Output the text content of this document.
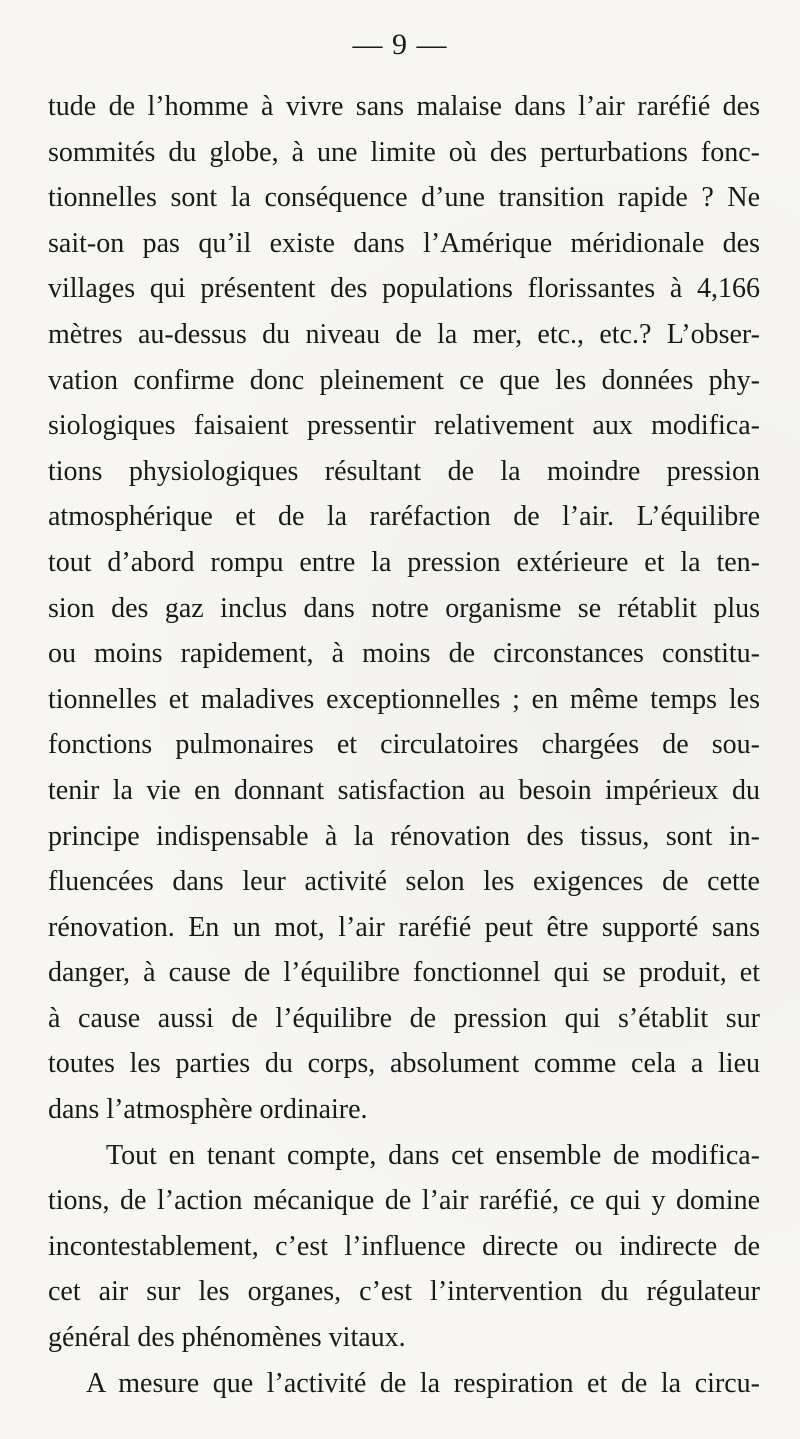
— 9 —
tude de l’homme à vivre sans malaise dans l’air raréfié des
sommités du globe, à une limite où des perturbations fonc-
tionnelles sont la conséquence d’une transition rapide ? Ne
sait-on pas qu’il existe dans l’Amérique méridionale des
villages qui présentent des populations florissantes à 4,166
mètres au-dessus du niveau de la mer, etc., etc.? L’obser-
vation confirme donc pleinement ce que les données phy-
siologiques faisaient pressentir relativement aux modifica-
tions physiologiques résultant de la moindre pression
atmosphérique et de la raréfaction de l’air. L’équilibre
tout d’abord rompu entre la pression extérieure et la ten-
sion des gaz inclus dans notre organisme se rétablit plus
ou moins rapidement, à moins de circonstances constitu-
tionnelles et maladives exceptionnelles ; en même temps les
fonctions pulmonaires et circulatoires chargées de sou-
tenir la vie en donnant satisfaction au besoin impérieux du
principe indispensable à la rénovation des tissus, sont in-
fluencées dans leur activité selon les exigences de cette
rénovation. En un mot, l’air raréfié peut être supporté sans
danger, à cause de l’équilibre fonctionnel qui se produit, et
à cause aussi de l’équilibre de pression qui s’établit sur
toutes les parties du corps, absolument comme cela a lieu
dans l’atmosphère ordinaire.
Tout en tenant compte, dans cet ensemble de modifica-
tions, de l’action mécanique de l’air raréfié, ce qui y domine
incontestablement, c’est l’influence directe ou indirecte de
cet air sur les organes, c’est l’intervention du régulateur
général des phénomènes vitaux.
A mesure que l’activité de la respiration et de la circu-
